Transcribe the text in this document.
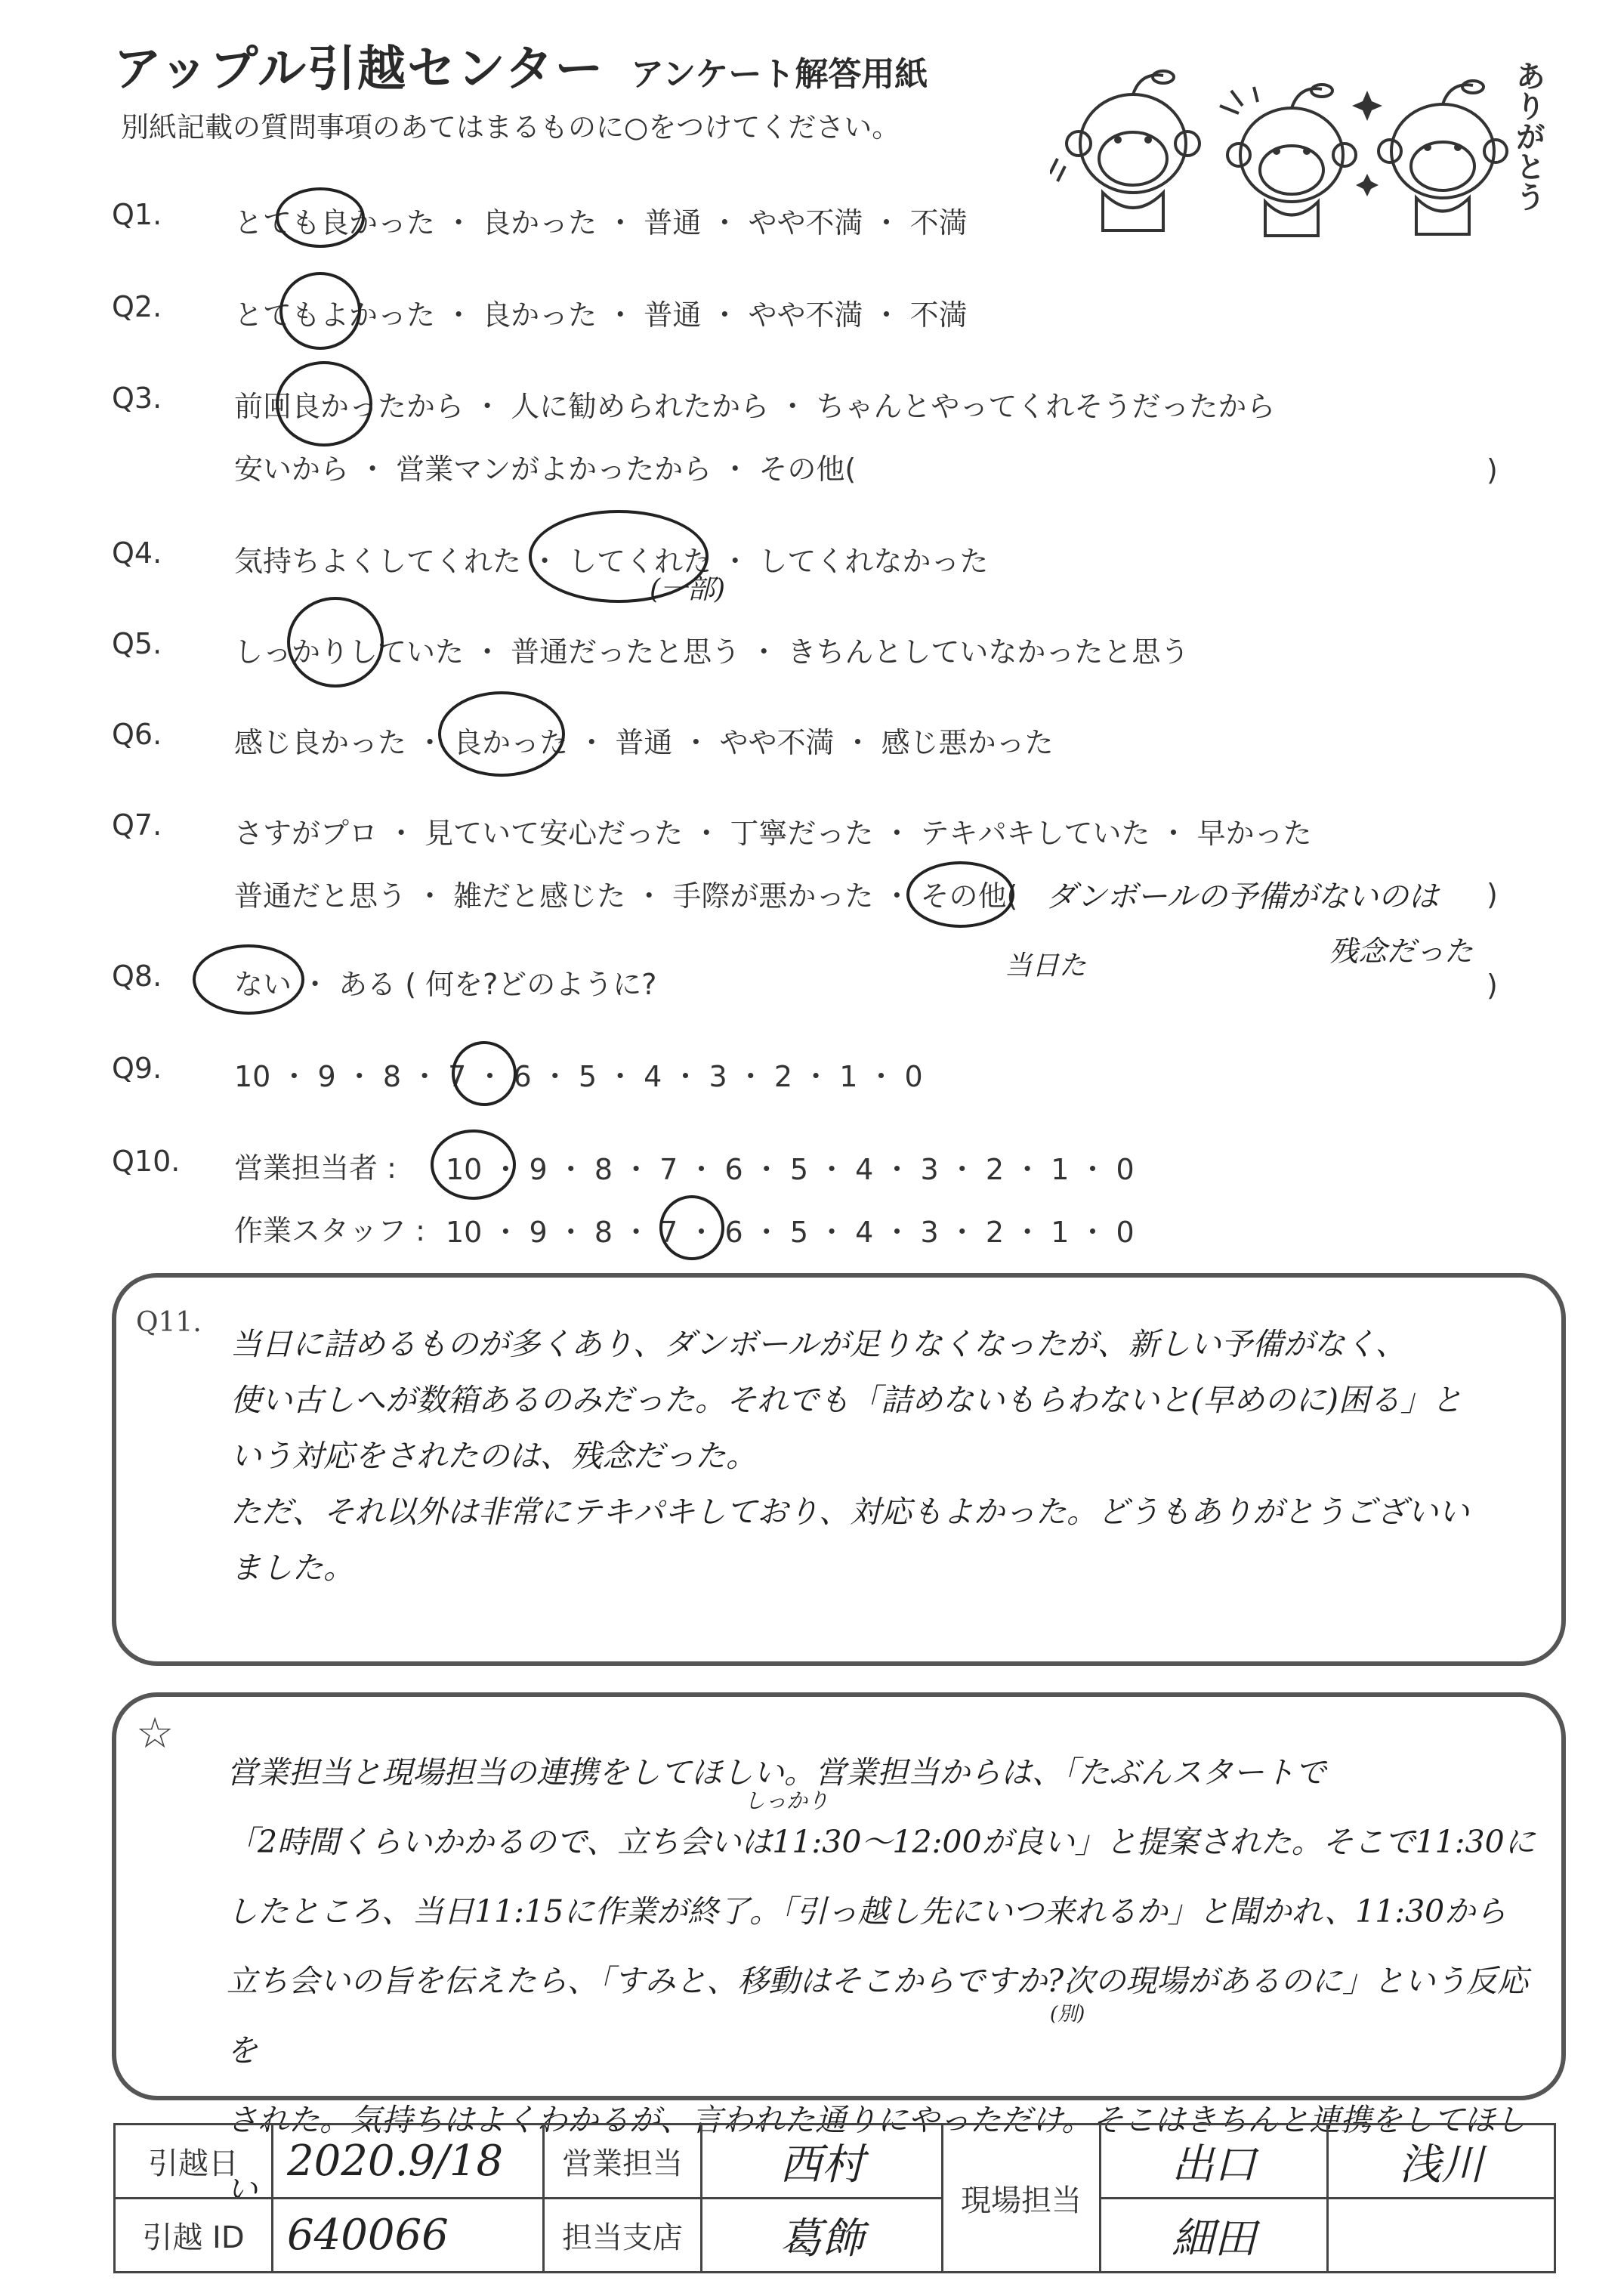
アップル引越センター アンケート解答用紙
別紙記載の質問事項のあてはまるものに○をつけてください。	ありがとう
Q1.	とても良かった ・ 良かった ・ 普通 ・ やや不満 ・ 不満
Q2.	とてもよかった ・ 良かった ・ 普通 ・ やや不満 ・ 不満
Q3.	前回良かったから ・ 人に勧められたから ・ ちゃんとやってくれそうだったから
安いから ・ 営業マンがよかったから ・ その他(	)
Q4.	気持ちよくしてくれた ・ してくれた ・ してくれなかった
(一部)
Q5.	しっかりしていた ・ 普通だったと思う ・ きちんとしていなかったと思う
Q6.	感じ良かった ・ 良かった ・ 普通 ・ やや不満 ・ 感じ悪かった
Q7.	さすがプロ ・ 見ていて安心だった ・ 丁寧だった ・ テキパキしていた ・ 早かった
普通だと思う ・ 雑だと感じた ・ 手際が悪かった ・ その他(	)
ダンボールの予備がないのは
残念だった
当日た
Q8.	ない ・ ある ( 何を?どのように?	)
Q9.	10 ・ 9 ・ 8 ・ 7 ・ 6 ・ 5 ・ 4 ・ 3 ・ 2 ・ 1 ・ 0
Q10. 営業担当者 : 10 ・ 9 ・ 8 ・ 7 ・ 6 ・ 5 ・ 4 ・ 3 ・ 2 ・ 1 ・ 0
作業スタッフ : 10 ・ 9 ・ 8 ・ 7 ・ 6 ・ 5 ・ 4 ・ 3 ・ 2 ・ 1 ・ 0
Q11.
当日に詰めるものが多くあり、ダンボールが足りなくなったが、新しい予備がなく、
使い古しへが数箱あるのみだった。それでも「詰めないもらわないと(早めのに)困る」と
いう対応をされたのは、残念だった。
ただ、それ以外は非常にテキパキしており、対応もよかった。どうもありがとうございい
ました。
☆
営業担当と現場担当の連携をしてほしい。営業担当からは、「たぶんスタートで
「2時間くらいかかるので、立ち会いは11:30〜12:00が良い」と提案された。そこで11:30に
したところ、当日11:15に作業が終了。「引っ越し先にいつ来れるか」と聞かれ、11:30から
立ち会いの旨を伝えたら、「すみと、移動はそこからですか?次の現場があるのに」という反応を
された。気持ちはよくわかるが、言われた通りにやっただけ。そこはきちんと連携をしてほしい
しっかり
(別)
引越日	2020.9/18	営業担当	西村	現場担当	出口	浅川
引越 ID	640066	担当支店	葛飾		細田	
